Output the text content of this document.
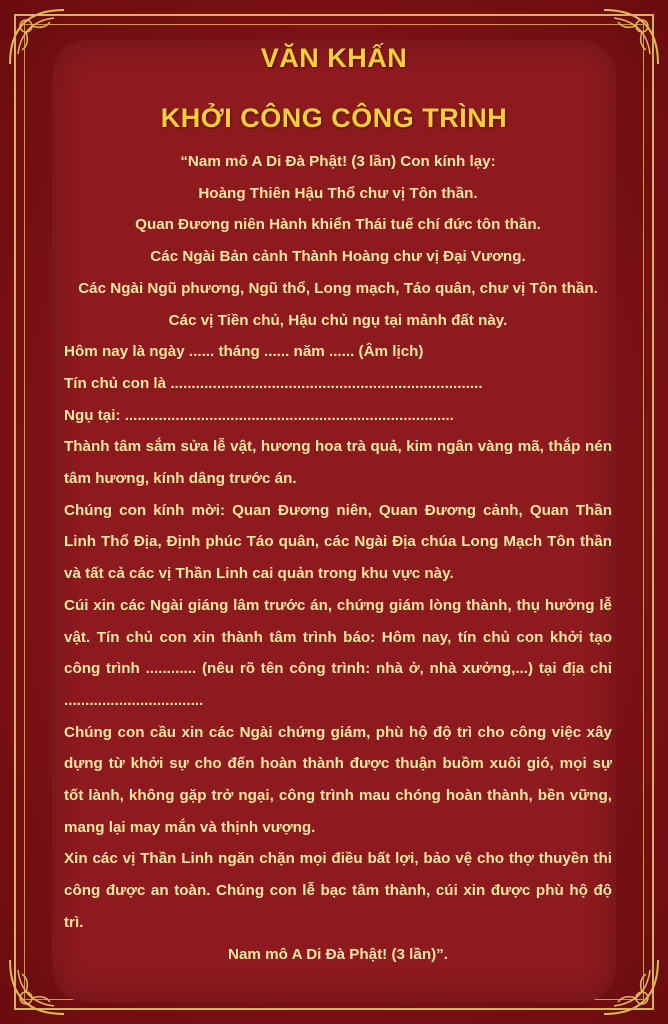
VĂN KHẤN
KHỞI CÔNG CÔNG TRÌNH
“Nam mô A Di Đà Phật! (3 lần) Con kính lạy:
Hoàng Thiên Hậu Thổ chư vị Tôn thần.
Quan Đương niên Hành khiển Thái tuế chí đức tôn thần.
Các Ngài Bản cảnh Thành Hoàng chư vị Đại Vương.
Các Ngài Ngũ phương, Ngũ thổ, Long mạch, Táo quân, chư vị Tôn thần.
Các vị Tiền chủ, Hậu chủ ngụ tại mảnh đất này.
Hôm nay là ngày ...... tháng ...... năm ...... (Âm lịch)
Tín chủ con là ..........................................................................
Ngụ tại: ..............................................................................
Thành tâm sắm sửa lễ vật, hương hoa trà quả, kim ngân vàng mã, thắp nén tâm hương, kính dâng trước án.
Chúng con kính mời: Quan Đương niên, Quan Đương cảnh, Quan Thần Linh Thổ Địa, Định phúc Táo quân, các Ngài Địa chúa Long Mạch Tôn thần và tất cả các vị Thần Linh cai quản trong khu vực này.
Cúi xin các Ngài giáng lâm trước án, chứng giám lòng thành, thụ hưởng lễ vật. Tín chủ con xin thành tâm trình báo: Hôm nay, tín chủ con khởi tạo công trình ............ (nêu rõ tên công trình: nhà ở, nhà xưởng,...) tại địa chỉ .................................
Chúng con cầu xin các Ngài chứng giám, phù hộ độ trì cho công việc xây dựng từ khởi sự cho đến hoàn thành được thuận buồm xuôi gió, mọi sự tốt lành, không gặp trở ngại, công trình mau chóng hoàn thành, bền vững, mang lại may mắn và thịnh vượng.
Xin các vị Thần Linh ngăn chặn mọi điều bất lợi, bảo vệ cho thợ thuyền thi công được an toàn. Chúng con lễ bạc tâm thành, cúi xin được phù hộ độ trì.
Nam mô A Di Đà Phật! (3 lần)”.
